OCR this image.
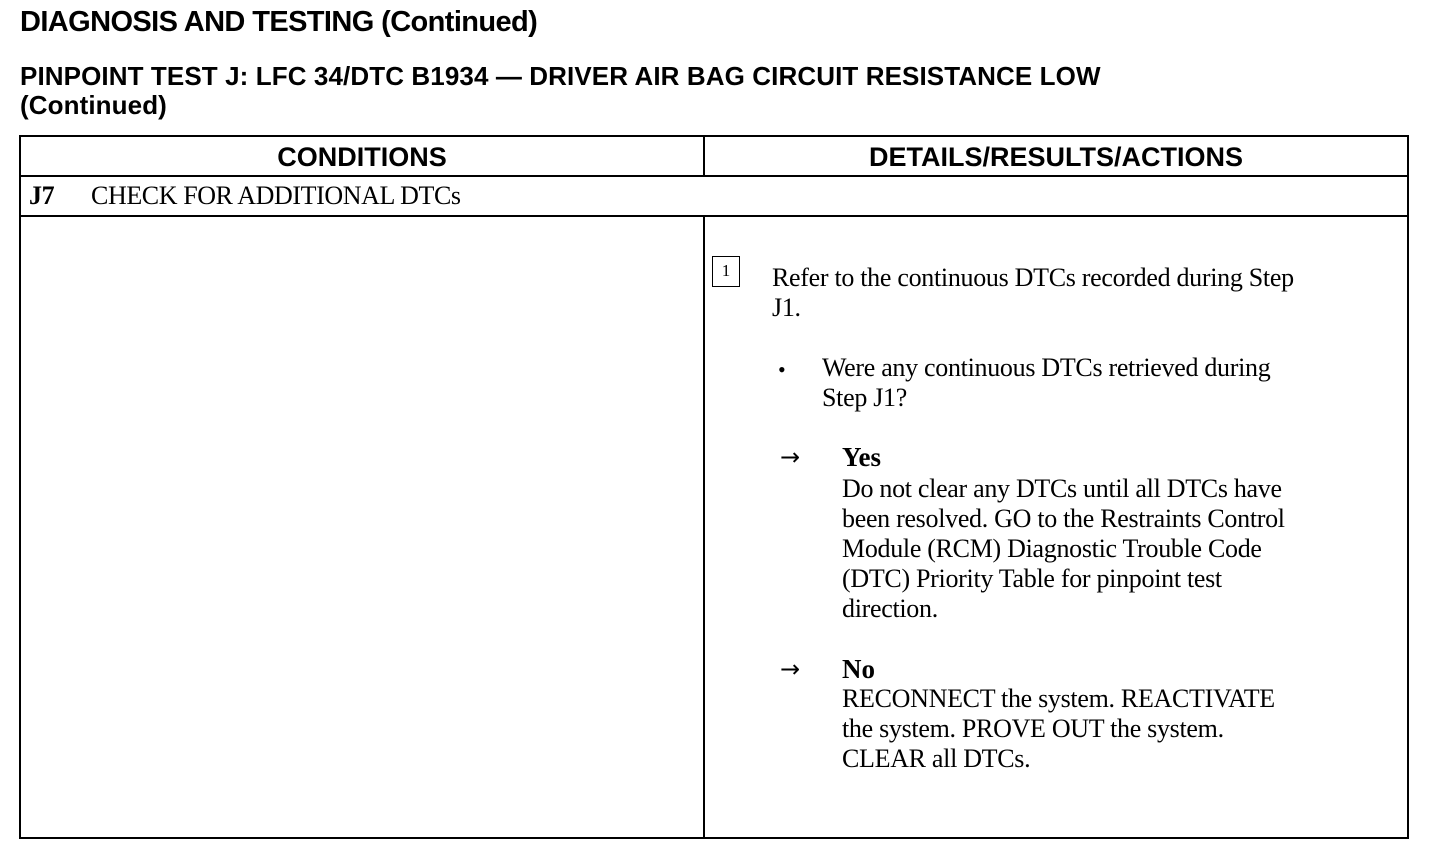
DIAGNOSIS AND TESTING (Continued)
PINPOINT TEST J: LFC 34/DTC B1934 — DRIVER AIR BAG CIRCUIT RESISTANCE LOW
(Continued)
CONDITIONS	DETAILS/RESULTS/ACTIONS
J7 CHECK FOR ADDITIONAL DTCs
1	Refer to the continuous DTCs recorded during Step
J1.
• Were any continuous DTCs retrieved during
Step J1?
→ Yes
Do not clear any DTCs until all DTCs have
been resolved. GO to the Restraints Control
Module (RCM) Diagnostic Trouble Code
(DTC) Priority Table for pinpoint test
direction.
→ No
RECONNECT the system. REACTIVATE
the system. PROVE OUT the system.
CLEAR all DTCs.
